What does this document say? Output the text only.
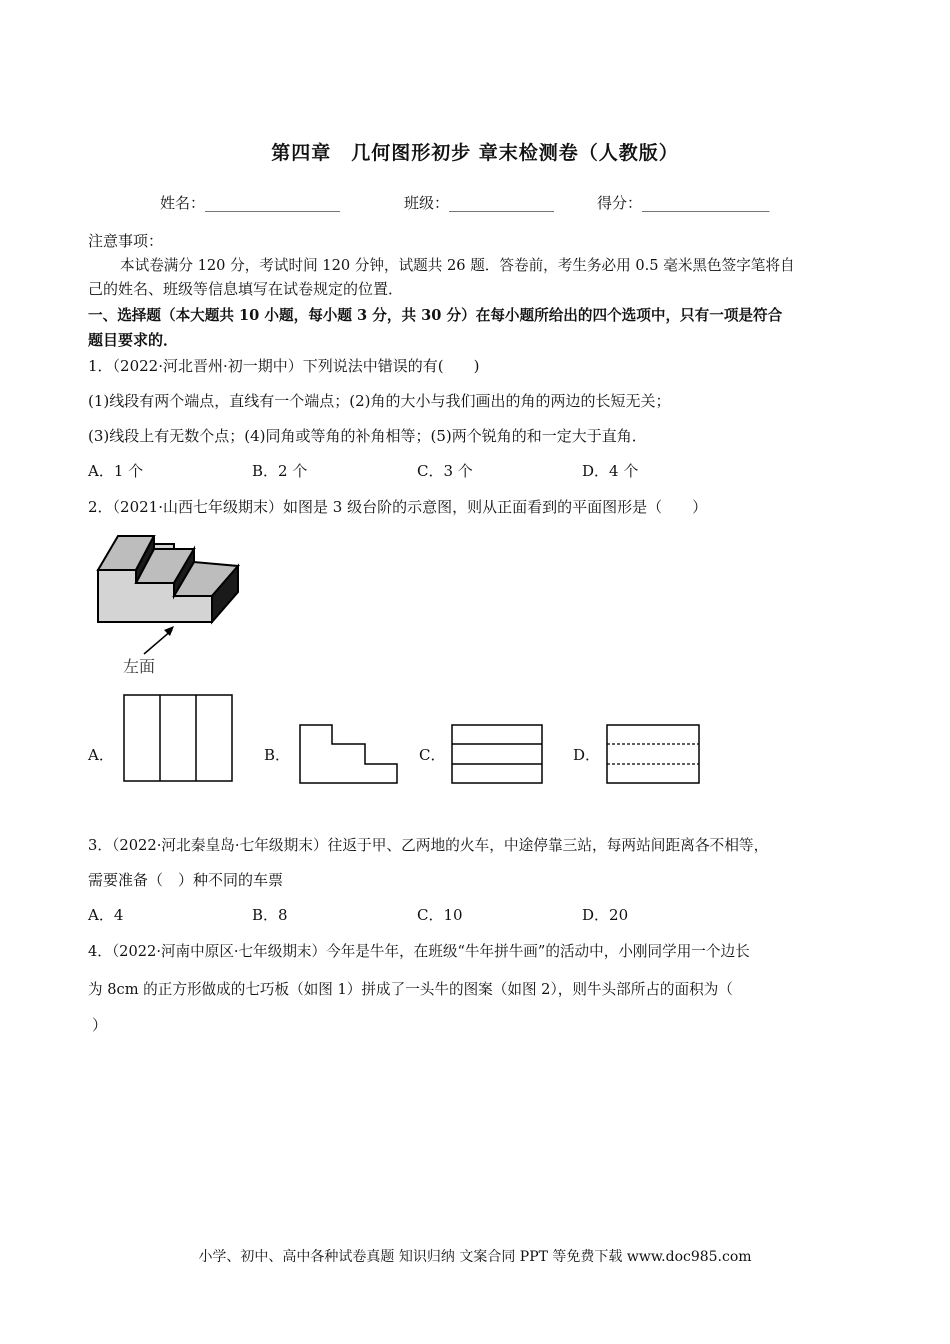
第四章　几何图形初步 章末检测卷（人教版）
姓名：__________________	班级：______________	得分：_________________
注意事项：
本试卷满分 120 分，考试时间 120 分钟，试题共 26 题．答卷前，考生务必用 0.5 毫米黑色签字笔将自
己的姓名、班级等信息填写在试卷规定的位置．
一、选择题（本大题共 10 小题，每小题 3 分，共 30 分）在每小题所给出的四个选项中，只有一项是符合
题目要求的．
1．（2022·河北晋州·初一期中）下列说法中错误的有(　　)
(1)线段有两个端点，直线有一个端点；(2)角的大小与我们画出的角的两边的长短无关；
(3)线段上有无数个点；(4)同角或等角的补角相等；(5)两个锐角的和一定大于直角．
A．1 个	B．2 个	C．3 个	D．4 个
2．（2021·山西七年级期末）如图是 3 级台阶的示意图，则从正面看到的平面图形是（　　）
左面
A．	B．	C．	D．
3．（2022·河北秦皇岛·七年级期末）往返于甲、乙两地的火车，中途停靠三站，每两站间距离各不相等，
需要准备（　）种不同的车票
A．4	B．8	C．10	D．20
4．（2022·河南中原区·七年级期末）今年是牛年，在班级“牛年拼牛画”的活动中，小刚同学用一个边长
为 8cm 的正方形做成的七巧板（如图 1）拼成了一头牛的图案（如图 2），则牛头部所占的面积为（
）
小学、初中、高中各种试卷真题 知识归纳 文案合同 PPT 等免费下载 www.doc985.com
